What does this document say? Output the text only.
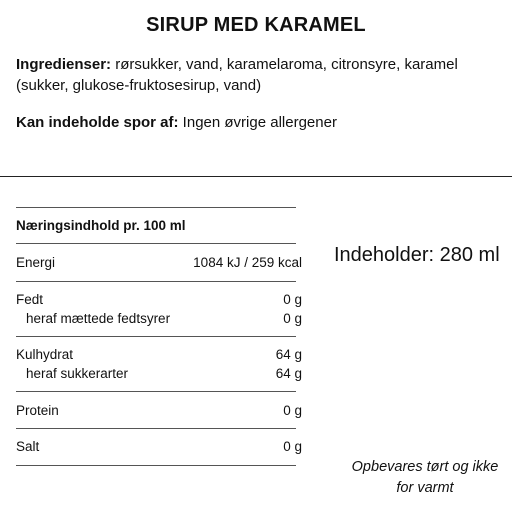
SIRUP MED KARAMEL
Ingredienser: rørsukker, vand, karamelaroma, citronsyre, karamel (sukker, glukose-fruktosesirup, vand)
Kan indeholde spor af: Ingen øvrige allergener
Næringsindhold pr. 100 ml
Energi	1084 kJ / 259 kcal
Fedt	0 g
heraf mættede fedtsyrer	0 g
Kulhydrat	64 g
heraf sukkerarter	64 g
Protein	0 g
Salt	0 g
Indeholder: 280 ml
Opbevares tørt og ikke
for varmt
